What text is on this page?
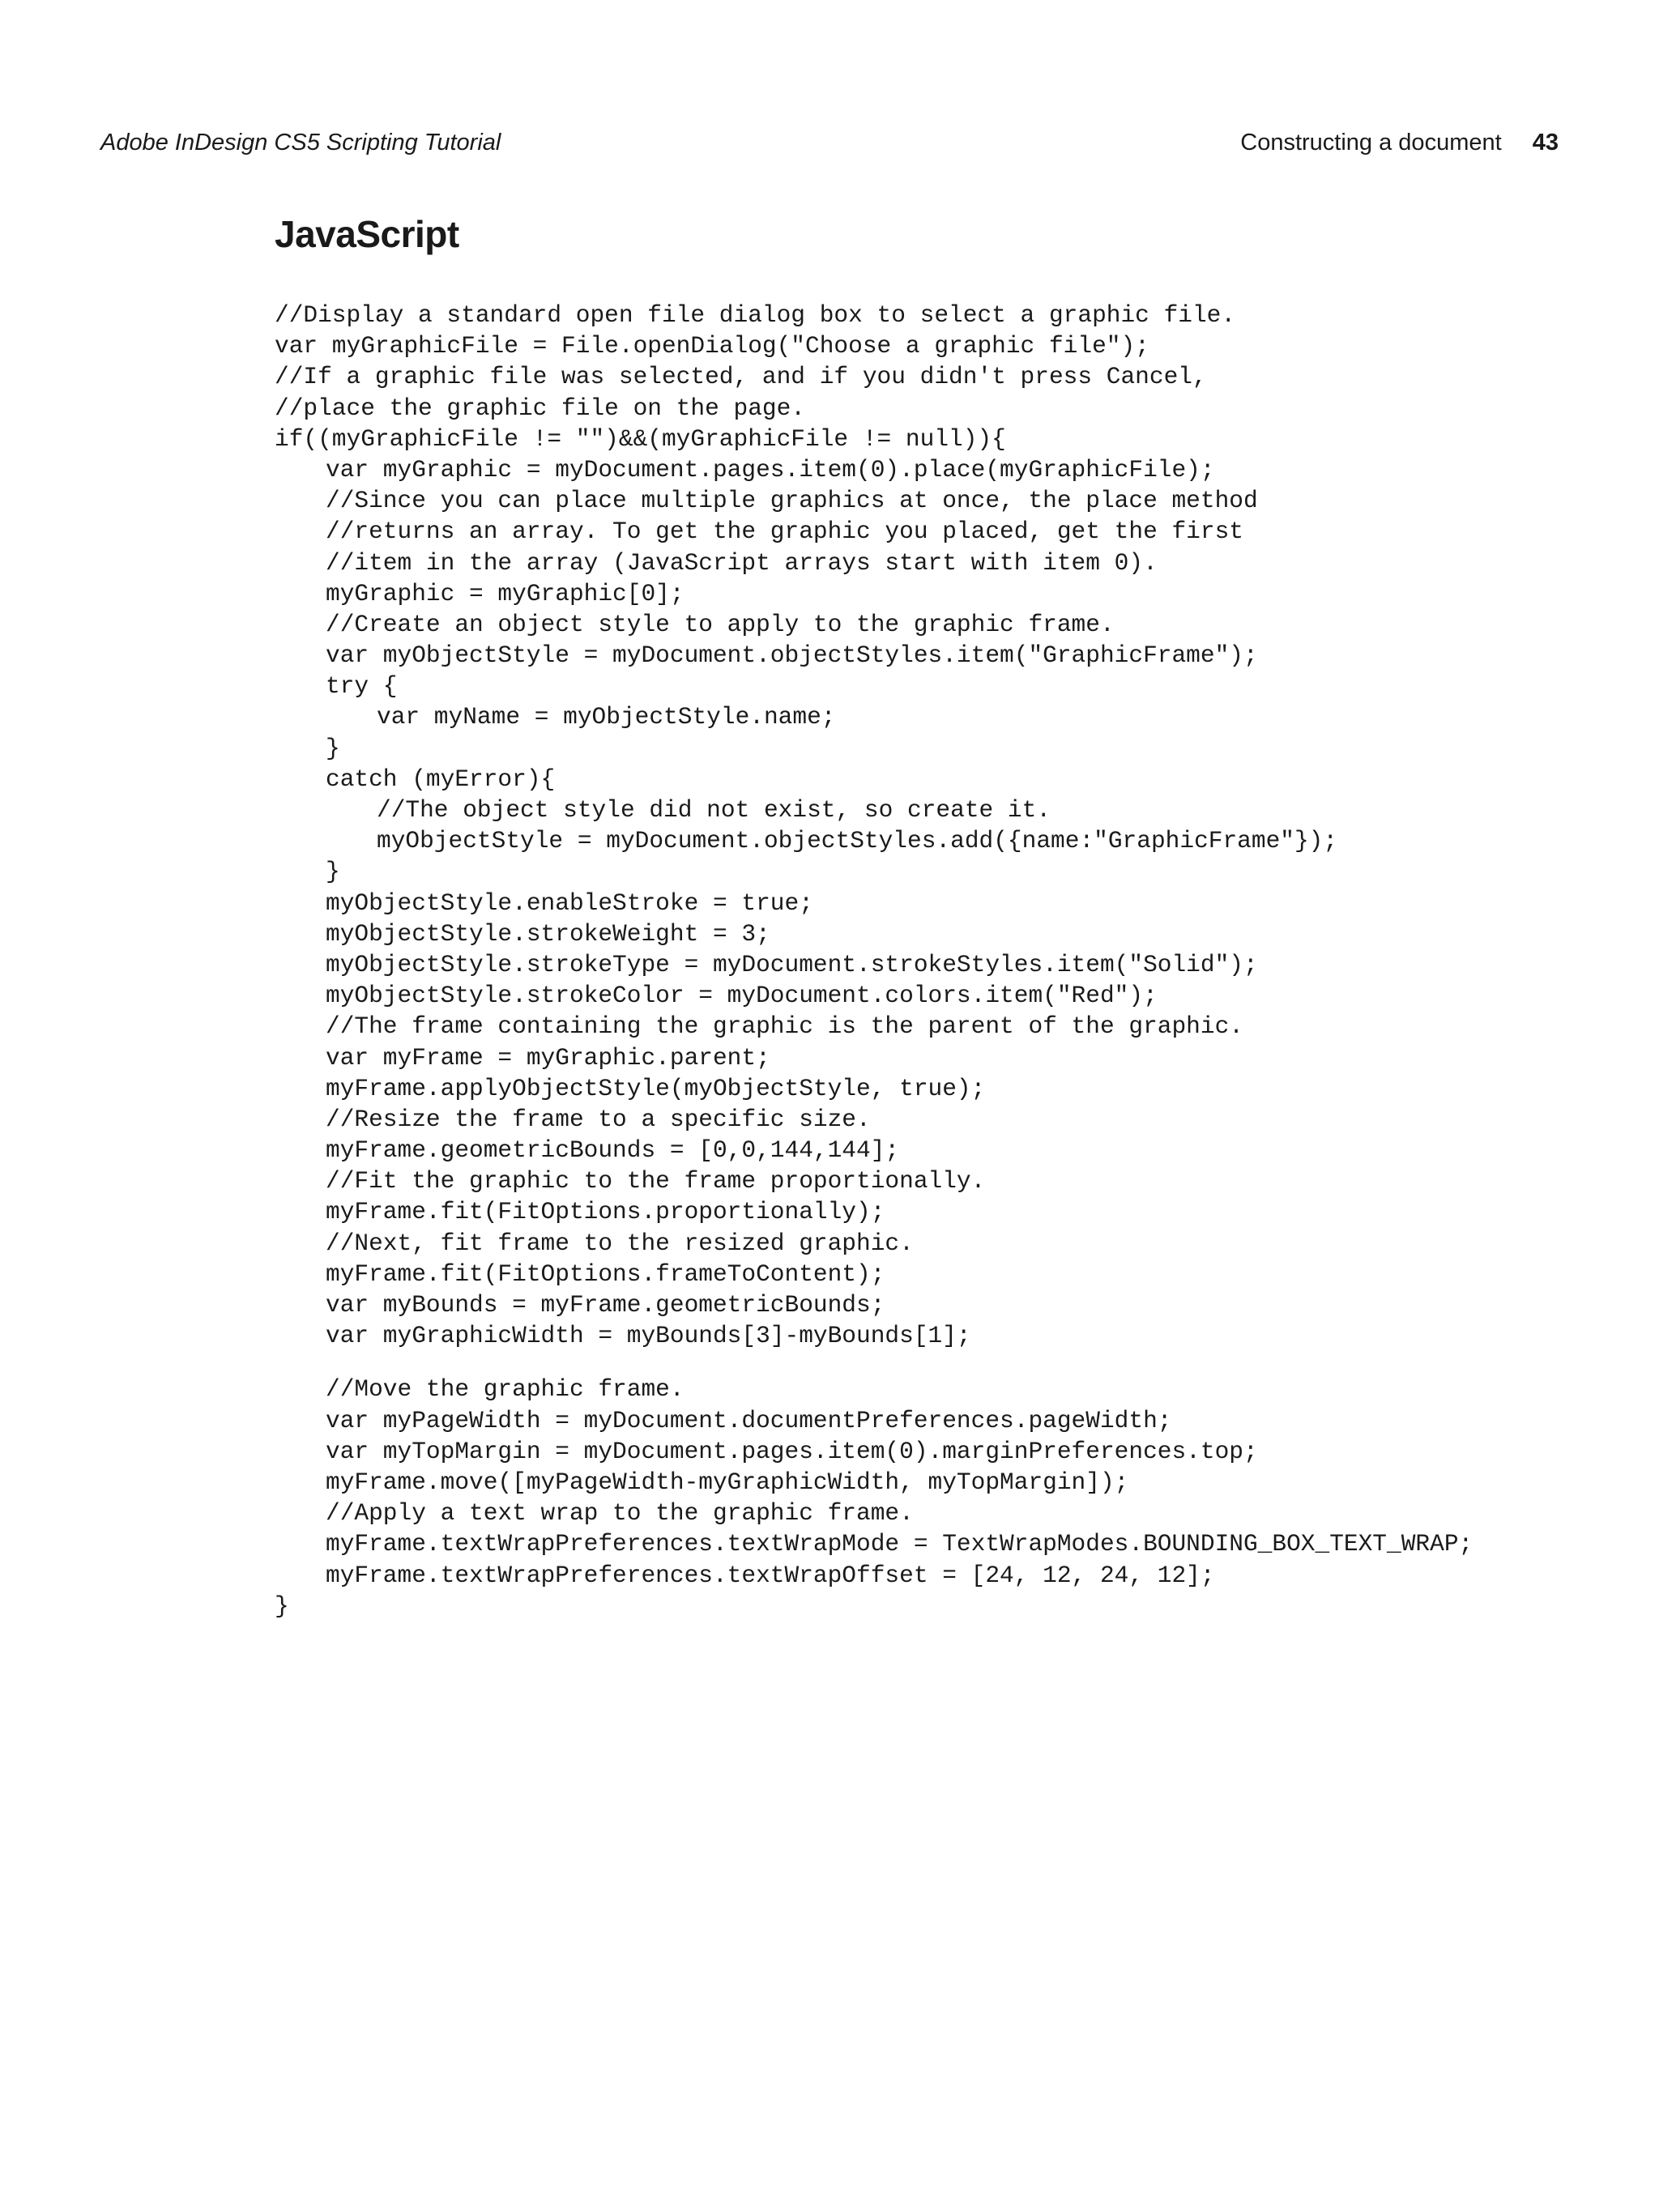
Adobe InDesign CS5 Scripting Tutorial	Constructing a document 43
JavaScript
//Display a standard open file dialog box to select a graphic file.
var myGraphicFile = File.openDialog("Choose a graphic file");
//If a graphic file was selected, and if you didn't press Cancel,
//place the graphic file on the page.
if((myGraphicFile != "")&&(myGraphicFile != null)){
var myGraphic = myDocument.pages.item(0).place(myGraphicFile);
//Since you can place multiple graphics at once, the place method
//returns an array. To get the graphic you placed, get the first
//item in the array (JavaScript arrays start with item 0).
myGraphic = myGraphic[0];
//Create an object style to apply to the graphic frame.
var myObjectStyle = myDocument.objectStyles.item("GraphicFrame");
try {
var myName = myObjectStyle.name;
}
catch (myError){
//The object style did not exist, so create it.
myObjectStyle = myDocument.objectStyles.add({name:"GraphicFrame"});
}
myObjectStyle.enableStroke = true;
myObjectStyle.strokeWeight = 3;
myObjectStyle.strokeType = myDocument.strokeStyles.item("Solid");
myObjectStyle.strokeColor = myDocument.colors.item("Red");
//The frame containing the graphic is the parent of the graphic.
var myFrame = myGraphic.parent;
myFrame.applyObjectStyle(myObjectStyle, true);
//Resize the frame to a specific size.
myFrame.geometricBounds = [0,0,144,144];
//Fit the graphic to the frame proportionally.
myFrame.fit(FitOptions.proportionally);
//Next, fit frame to the resized graphic.
myFrame.fit(FitOptions.frameToContent);
var myBounds = myFrame.geometricBounds;
var myGraphicWidth = myBounds[3]-myBounds[1];
//Move the graphic frame.
var myPageWidth = myDocument.documentPreferences.pageWidth;
var myTopMargin = myDocument.pages.item(0).marginPreferences.top;
myFrame.move([myPageWidth-myGraphicWidth, myTopMargin]);
//Apply a text wrap to the graphic frame.
myFrame.textWrapPreferences.textWrapMode = TextWrapModes.BOUNDING_BOX_TEXT_WRAP;
myFrame.textWrapPreferences.textWrapOffset = [24, 12, 24, 12];
}
